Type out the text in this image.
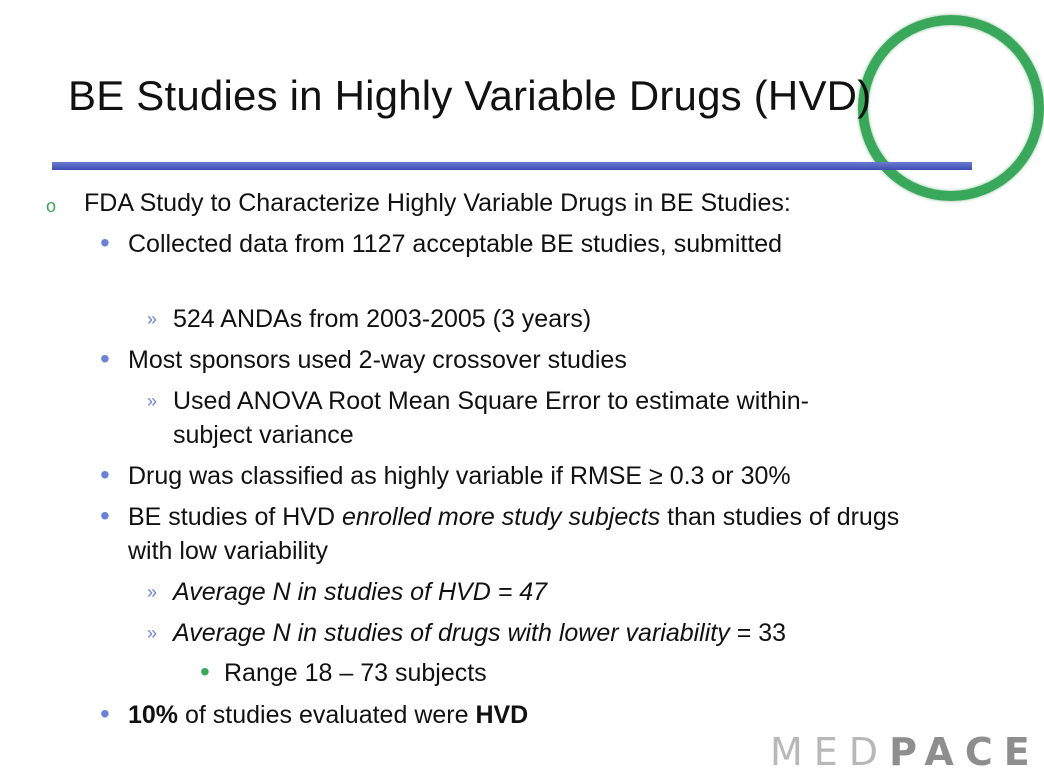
BE Studies in Highly Variable Drugs (HVD)

o FDA Study to Characterize Highly Variable Drugs in BE Studies:

• Collected data from 1127 acceptable BE studies, submitted

» 524 ANDAs from 2003-2005 (3 years)

• Most sponsors used 2-way crossover studies

» Used ANOVA Root Mean Square Error to estimate within-subject variance

• Drug was classified as highly variable if RMSE ≥ 0.3 or 30%

• BE studies of HVD enrolled more study subjects than studies of drugs with low variability

» Average N in studies of HVD = 47

» Average N in studies of drugs with lower variability = 33

• Range 18 – 73 subjects

• 10% of studies evaluated were HVD

MEDPACE
